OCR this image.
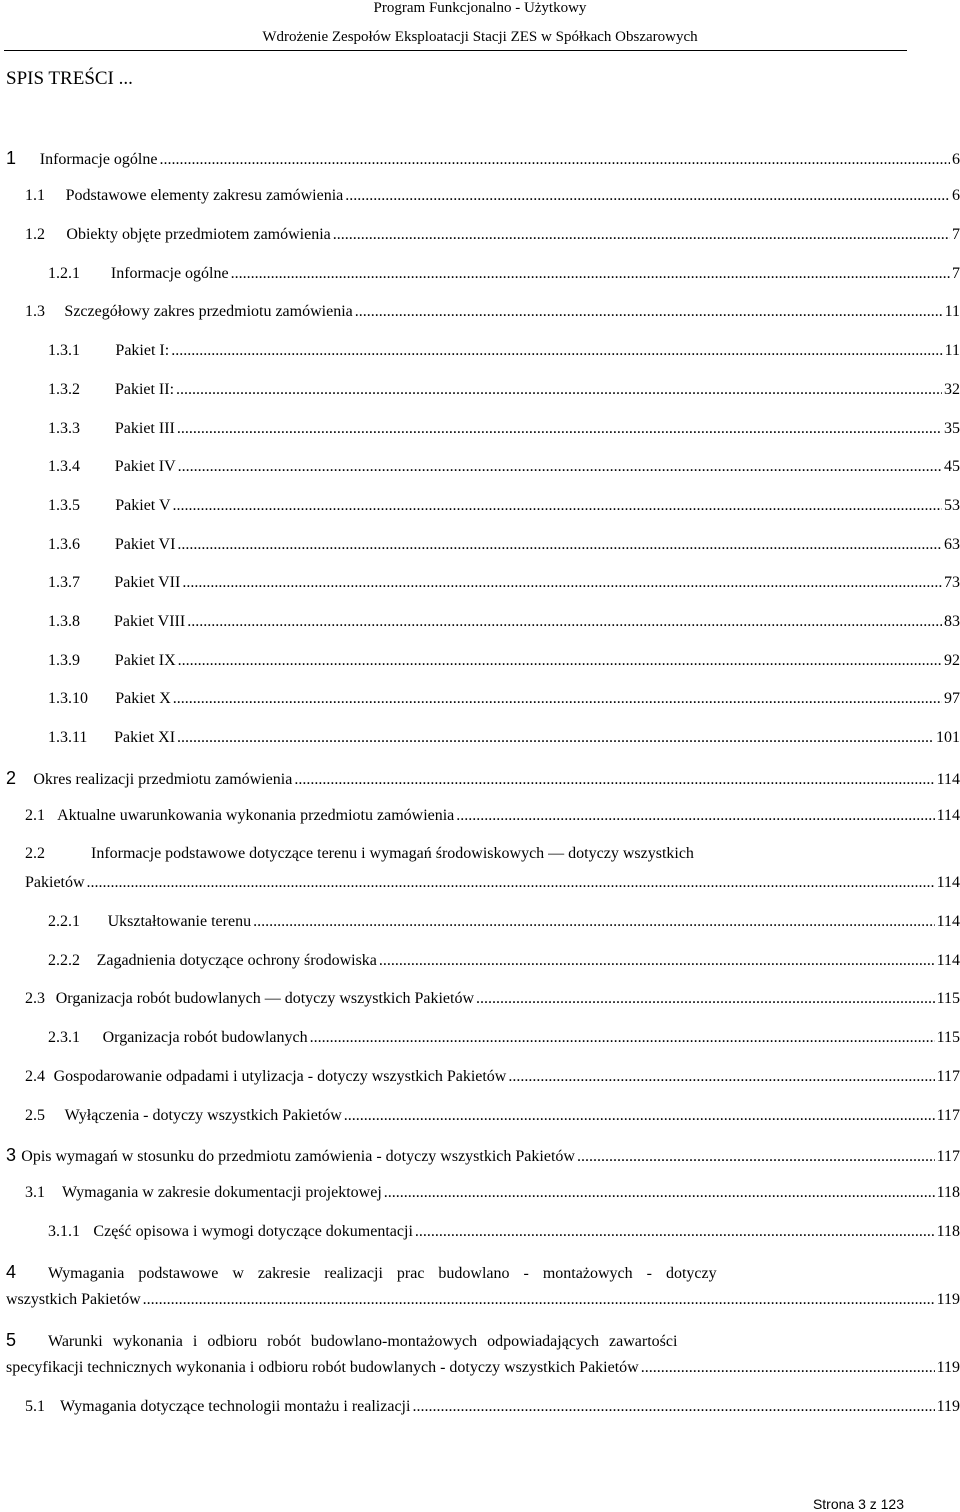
Program Funkcjonalno - Użytkowy
Wdrożenie Zespołów Eksploatacji Stacji ZES w Spółkach Obszarowych
SPIS TREŚCI ...
1	Informacje ogólne .....	6
1.1	Podstawowe elementy zakresu zamówienia .....	6
1.2	Obiekty objęte przedmiotem zamówienia .....	7
1.2.1	Informacje ogólne .....	7
1.3	Szczegółowy zakres przedmiotu zamówienia .....	11
1.3.1	Pakiet I: .....	11
1.3.2	Pakiet II: .....	32
1.3.3	Pakiet III .....	35
1.3.4	Pakiet IV .....	45
1.3.5	Pakiet V .....	53
1.3.6	Pakiet VI .....	63
1.3.7	Pakiet VII .....	73
1.3.8	Pakiet VIII .....	83
1.3.9	Pakiet IX .....	92
1.3.10	Pakiet X .....	97
1.3.11	Pakiet XI .....	101
2	Okres realizacji przedmiotu zamówienia .....	114
2.1 Aktualne uwarunkowania wykonania przedmiotu zamówienia .....	114
2.2	Informacje podstawowe dotyczące terenu i wymagań środowiskowych — dotyczy wszystkich
Pakietów .....	114
2.2.1	Ukształtowanie terenu .....	114
2.2.2	Zagadnienia dotyczące ochrony środowiska .....	114
2.3 Organizacja robót budowlanych — dotyczy wszystkich Pakietów .....	115
2.3.1	Organizacja robót budowlanych .....	115
2.4 Gospodarowanie odpadami i utylizacja - dotyczy wszystkich Pakietów .....	117
2.5	Wyłączenia - dotyczy wszystkich Pakietów .....	117
3 Opis wymagań w stosunku do przedmiotu zamówienia - dotyczy wszystkich Pakietów .....	117
3.1	Wymagania w zakresie dokumentacji projektowej .....	118
3.1.1 Część opisowa i wymogi dotyczące dokumentacji .....	118
4	Wymagania podstawowe w zakresie realizacji prac budowlano - montażowych - dotyczy
wszystkich Pakietów .....	119
5	Warunki wykonania i odbioru robót budowlano-montażowych odpowiadających zawartości
specyfikacji technicznych wykonania i odbioru robót budowlanych - dotyczy wszystkich Pakietów .....	119
5.1 Wymagania dotyczące technologii montażu i realizacji .....	119
Strona 3 z 123
